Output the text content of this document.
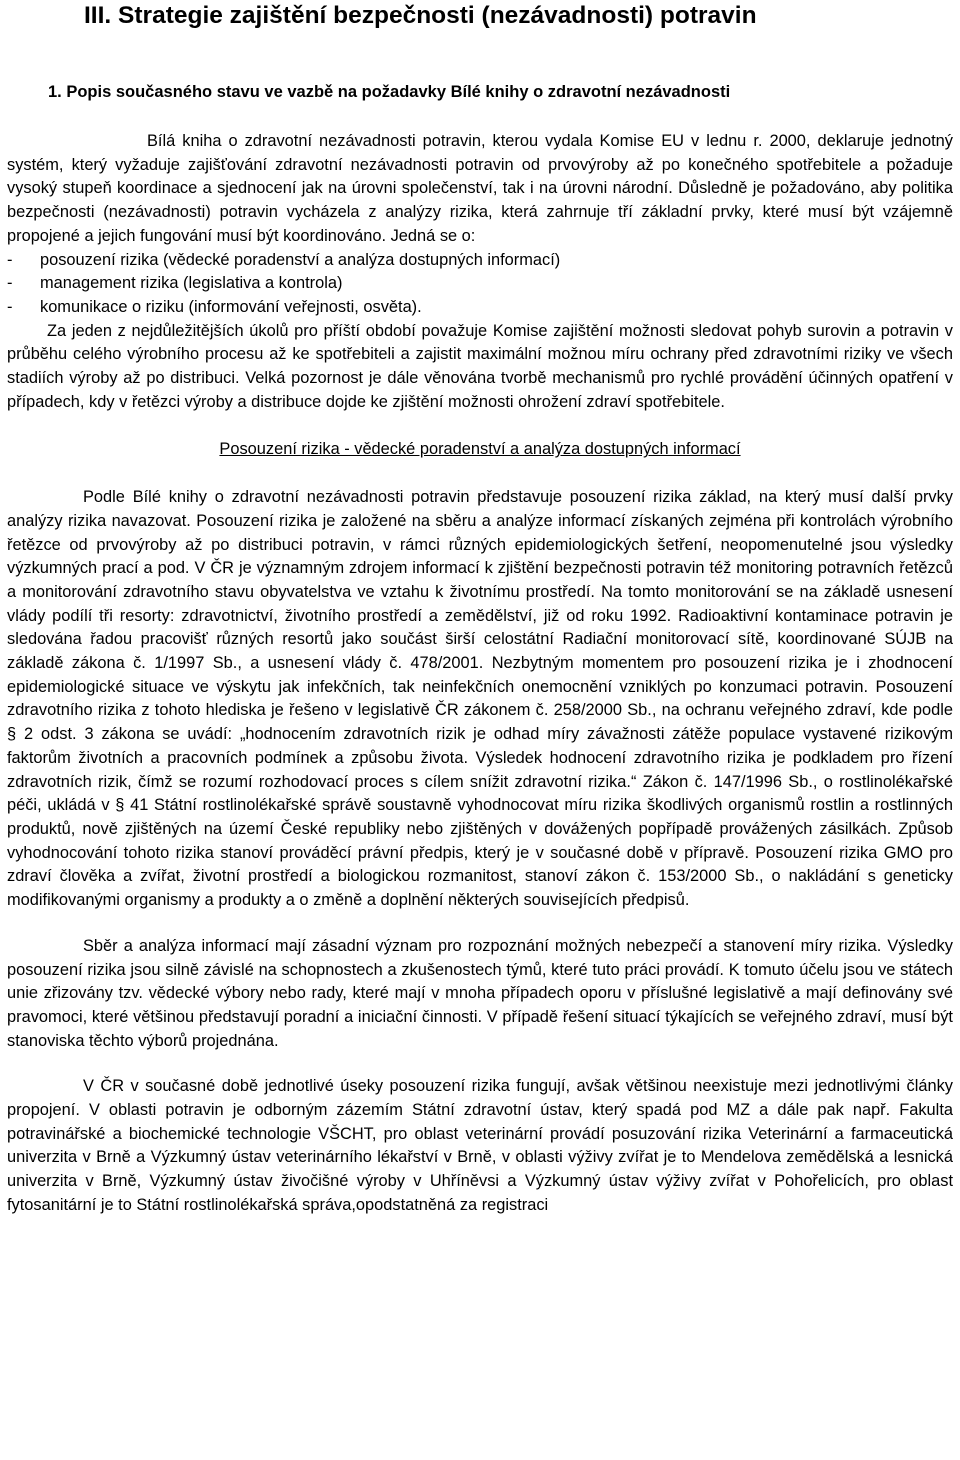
III. Strategie zajištění bezpečnosti (nezávadnosti) potravin
1. Popis současného stavu ve vazbě na požadavky Bílé knihy o zdravotní nezávadnosti

Bílá kniha o zdravotní nezávadnosti potravin, kterou vydala Komise EU v lednu r. 2000, deklaruje jednotný systém, který vyžaduje zajišťování zdravotní nezávadnosti potravin od prvovýroby až po konečného spotřebitele a požaduje vysoký stupeň koordinace a sjednocení jak na úrovni společenství, tak i na úrovni národní. Důsledně je požadováno, aby politika bezpečnosti (nezávadnosti) potravin vycházela z analýzy rizika, která zahrnuje tří základní prvky, které musí být vzájemně propojené a jejich fungování musí být koordinováno. Jedná se o:

- posouzení rizika (vědecké poradenství a analýza dostupných informací)
- management rizika (legislativa a kontrola)
- komunikace o riziku (informování veřejnosti, osvěta).

Za jeden z nejdůležitějších úkolů pro příští období považuje Komise zajištění možnosti sledovat pohyb surovin a potravin v průběhu celého výrobního procesu až ke spotřebiteli a zajistit maximální možnou míru ochrany před zdravotními riziky ve všech stadiích výroby až po distribuci. Velká pozornost je dále věnována tvorbě mechanismů pro rychlé provádění účinných opatření v případech, kdy v řetězci výroby a distribuce dojde ke zjištění možnosti ohrožení zdraví spotřebitele.

Posouzení rizika - vědecké poradenství a analýza dostupných informací

Podle Bílé knihy o zdravotní nezávadnosti potravin představuje posouzení rizika základ, na který musí další prvky analýzy rizika navazovat. Posouzení rizika je založené na sběru a analýze informací získaných zejména při kontrolách výrobního řetězce od prvovýroby až po distribuci potravin, v rámci různých epidemiologických šetření, neopomenutelné jsou výsledky výzkumných prací a pod. V ČR je významným zdrojem informací k zjištění bezpečnosti potravin též monitoring potravních řetězců a monitorování zdravotního stavu obyvatelstva ve vztahu k životnímu prostředí. Na tomto monitorování se na základě usnesení vlády podílí tři resorty: zdravotnictví, životního prostředí a zemědělství, již od roku 1992. Radioaktivní kontaminace potravin je sledována řadou pracovišť různých resortů jako součást širší celostátní Radiační monitorovací sítě, koordinované SÚJB na základě zákona č. 1/1997 Sb., a usnesení vlády č. 478/2001. Nezbytným momentem pro posouzení rizika je i zhodnocení epidemiologické situace ve výskytu jak infekčních, tak neinfekčních onemocnění vzniklých po konzumaci potravin. Posouzení zdravotního rizika z tohoto hlediska je řešeno v legislativě ČR zákonem č. 258/2000 Sb., na ochranu veřejného zdraví, kde podle § 2 odst. 3 zákona se uvádí: „hodnocením zdravotních rizik je odhad míry závažnosti zátěže populace vystavené rizikovým faktorům životních a pracovních podmínek a způsobu života. Výsledek hodnocení zdravotního rizika je podkladem pro řízení zdravotních rizik, čímž se rozumí rozhodovací proces s cílem snížit zdravotní rizika.“ Zákon č. 147/1996 Sb., o rostlinolékařské péči, ukládá v § 41 Státní rostlinolékařské správě soustavně vyhodnocovat míru rizika škodlivých organismů rostlin a rostlinných produktů, nově zjištěných na území České republiky nebo zjištěných v dovážených popřípadě provážených zásilkách. Způsob vyhodnocování tohoto rizika stanoví prováděcí právní předpis, který je v současné době v přípravě. Posouzení rizika GMO pro zdraví člověka a zvířat, životní prostředí a biologickou rozmanitost, stanoví zákon č. 153/2000 Sb., o nakládání s geneticky modifikovanými organismy a produkty a o změně a doplnění některých souvisejících předpisů.

Sběr a analýza informací mají zásadní význam pro rozpoznání možných nebezpečí a stanovení míry rizika. Výsledky posouzení rizika jsou silně závislé na schopnostech a zkušenostech týmů, které tuto práci provádí. K tomuto účelu jsou ve státech unie zřizovány tzv. vědecké výbory nebo rady, které mají v mnoha případech oporu v příslušné legislativě a mají definovány své pravomoci, které většinou představují poradní a iniciační činnosti. V případě řešení situací týkajících se veřejného zdraví, musí být stanoviska těchto výborů projednána.

V ČR v současné době jednotlivé úseky posouzení rizika fungují, avšak většinou neexistuje mezi jednotlivými články propojení. V oblasti potravin je odborným zázemím Státní zdravotní ústav, který spadá pod MZ a dále pak např. Fakulta potravinářské a biochemické technologie VŠCHT, pro oblast veterinární provádí posuzování rizika Veterinární a farmaceutická univerzita v Brně a Výzkumný ústav veterinárního lékařství v Brně, v oblasti výživy zvířat je to Mendelova zemědělská a lesnická univerzita v Brně, Výzkumný ústav živočišné výroby v Uhříněvsi a Výzkumný ústav výživy zvířat v Pohořelicích, pro oblast fytosanitární je to Státní rostlinolékařská správa,opodstatněná za registraci
